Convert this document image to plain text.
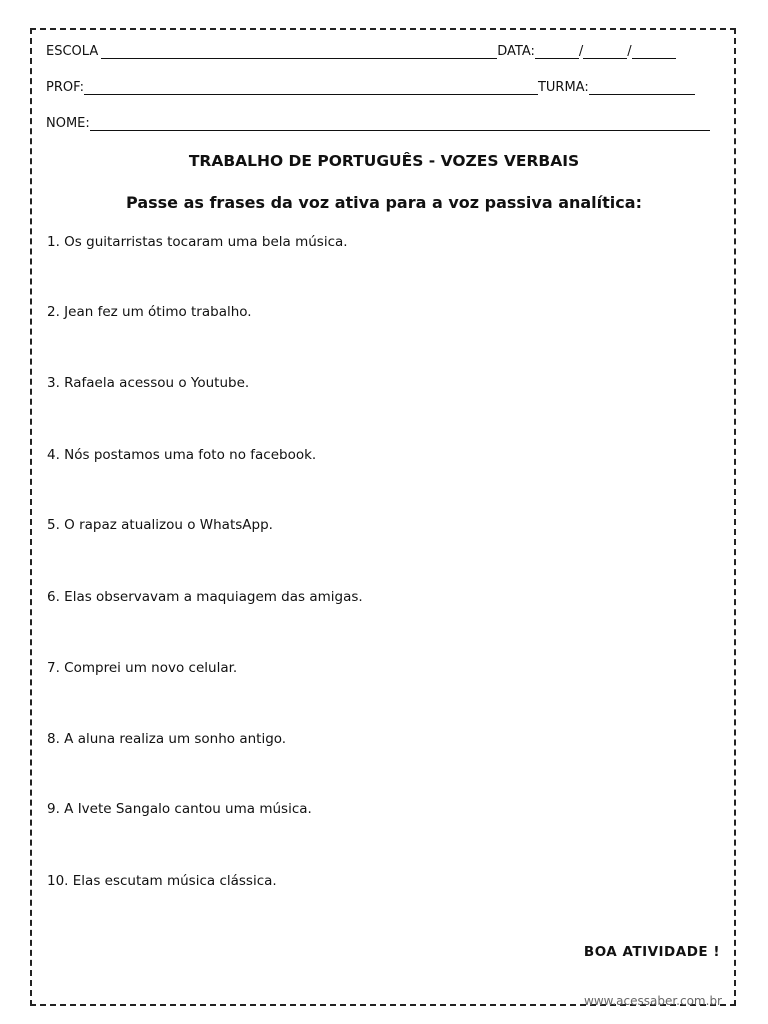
ESCOLA	DATA:	/	/
PROF:	TURMA:
NOME:
TRABALHO DE PORTUGUÊS - VOZES VERBAIS
Passe as frases da voz ativa para a voz passiva analítica:
1. Os guitarristas tocaram uma bela música.
2. Jean fez um ótimo trabalho.
3. Rafaela acessou o Youtube.
4. Nós postamos uma foto no facebook.
5. O rapaz atualizou o WhatsApp.
6. Elas observavam a maquiagem das amigas.
7. Comprei um novo celular.
8. A aluna realiza um sonho antigo.
9. A Ivete Sangalo cantou uma música.
10. Elas escutam música clássica.
BOA ATIVIDADE !
www.acessaber.com.br
